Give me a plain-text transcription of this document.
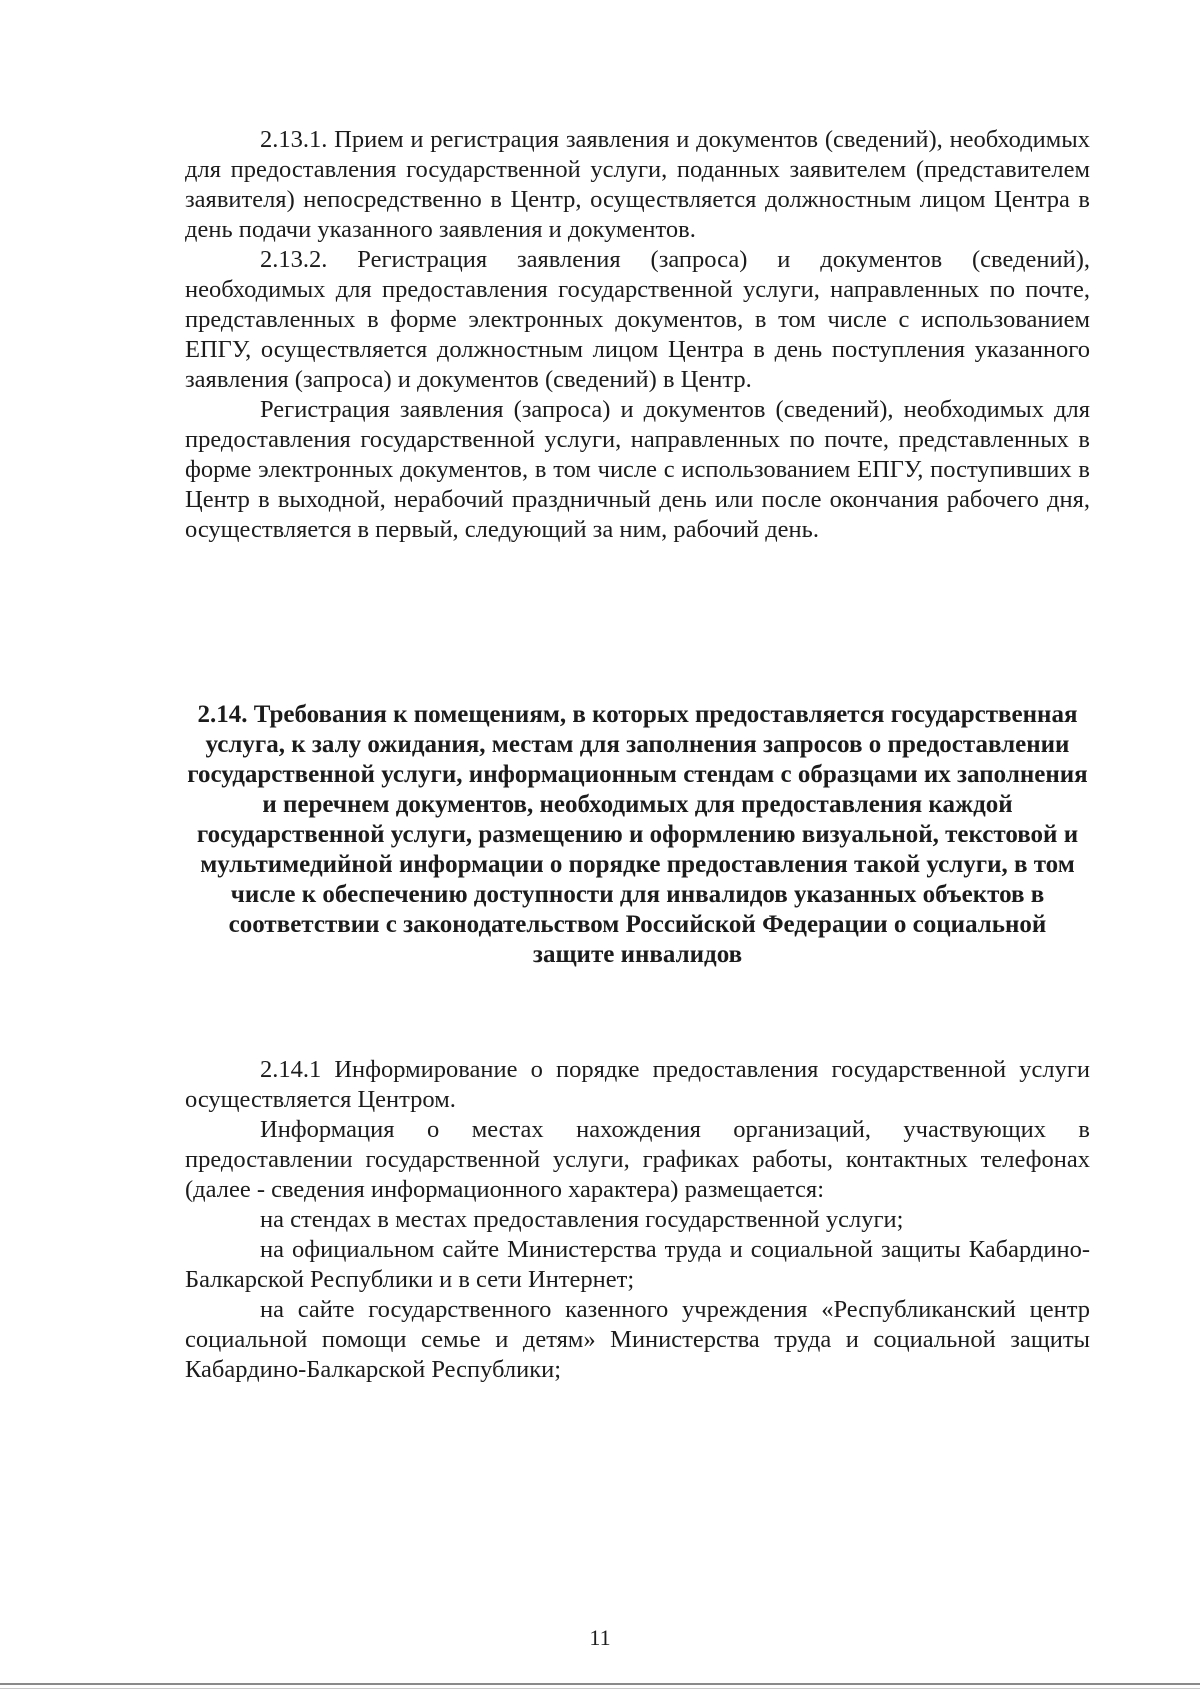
2.13.1. Прием и регистрация заявления и документов (сведений), необходимых для предоставления государственной услуги, поданных заявителем (представителем заявителя) непосредственно в Центр, осуществляется должностным лицом Центра в день подачи указанного заявления и документов.

2.13.2. Регистрация заявления (запроса) и документов (сведений), необходимых для предоставления государственной услуги, направленных по почте, представленных в форме электронных документов, в том числе с использованием ЕПГУ, осуществляется должностным лицом Центра в день поступления указанного заявления (запроса) и документов (сведений) в Центр.

Регистрация заявления (запроса) и документов (сведений), необходимых для предоставления государственной услуги, направленных по почте, представленных в форме электронных документов, в том числе с использованием ЕПГУ, поступивших в Центр в выходной, нерабочий праздничный день или после окончания рабочего дня, осуществляется в первый, следующий за ним, рабочий день.

2.14. Требования к помещениям, в которых предоставляется государственная услуга, к залу ожидания, местам для заполнения запросов о предоставлении государственной услуги, информационным стендам с образцами их заполнения и перечнем документов, необходимых для предоставления каждой государственной услуги, размещению и оформлению визуальной, текстовой и мультимедийной информации о порядке предоставления такой услуги, в том числе к обеспечению доступности для инвалидов указанных объектов в соответствии с законодательством Российской Федерации о социальной защите инвалидов

2.14.1 Информирование о порядке предоставления государственной услуги осуществляется Центром.

Информация о местах нахождения организаций, участвующих в предоставлении государственной услуги, графиках работы, контактных телефонах (далее - сведения информационного характера) размещается:

на стендах в местах предоставления государственной услуги;

на официальном сайте Министерства труда и социальной защиты Кабардино-Балкарской Республики и в сети Интернет;

на сайте государственного казенного учреждения «Республиканский центр социальной помощи семье и детям» Министерства труда и социальной защиты Кабардино-Балкарской Республики;

11
